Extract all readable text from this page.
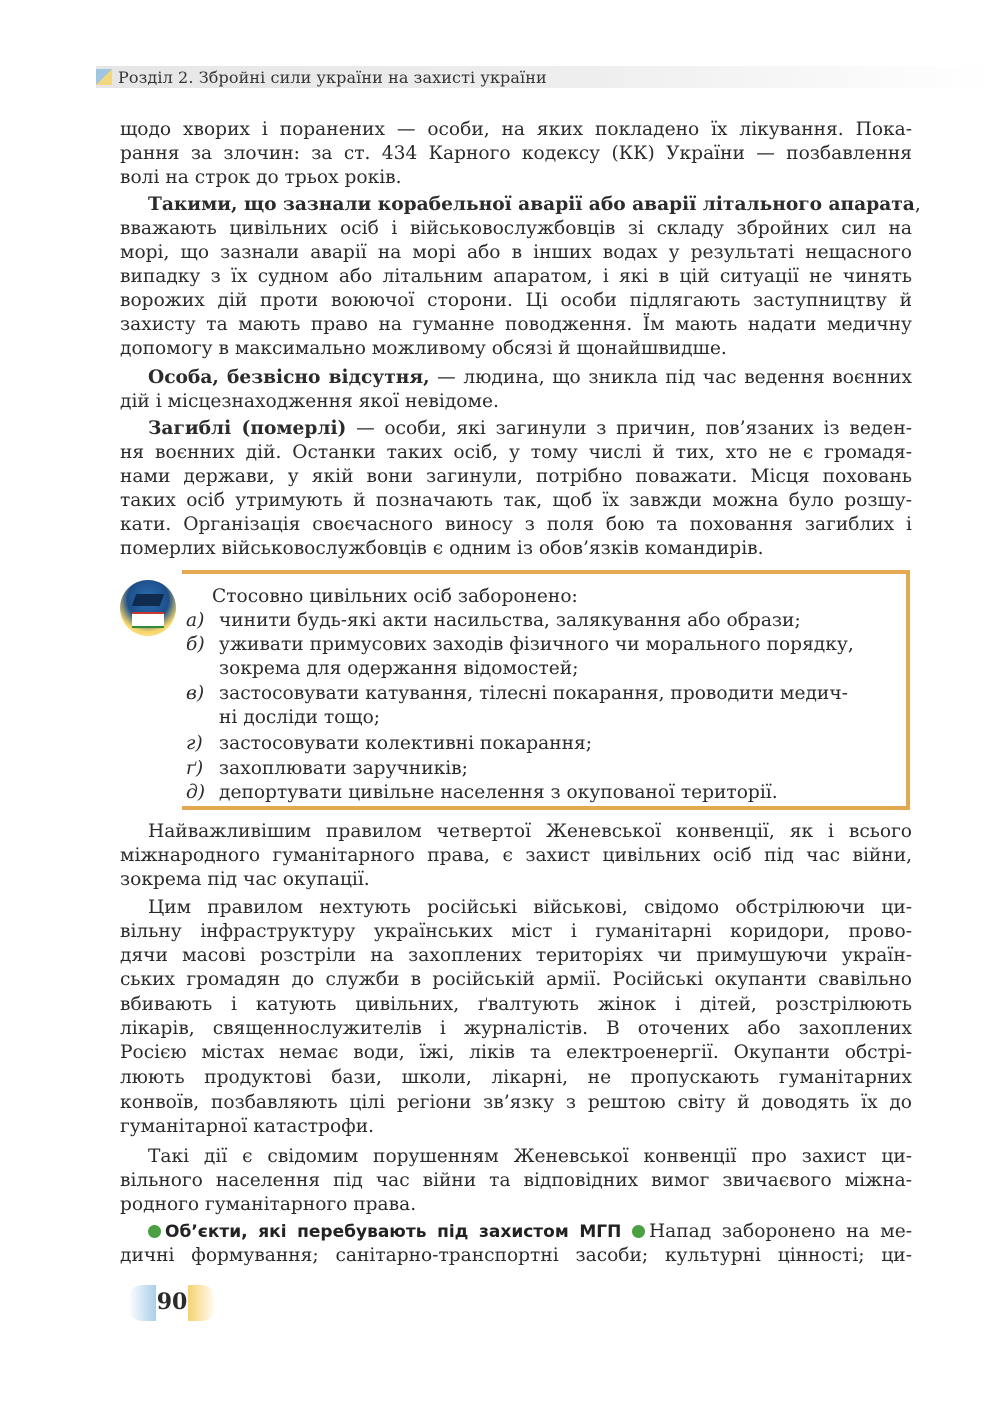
Розділ 2. Збройні сили україни на захисті україни
щодо хворих і поранених — особи, на яких покладено їх лікування. Пока-
рання за злочин: за ст. 434 Карного кодексу (КК) України — позбавлення
волі на строк до трьох років.
Такими, що зазнали корабельної аварії або аварії літального апарата,
вважають цивільних осіб і військовослужбовців зі складу збройних сил на
морі, що зазнали аварії на морі або в інших водах у результаті нещасного
випадку з їх судном або літальним апаратом, і які в цій ситуації не чинять
ворожих дій проти воюючої сторони. Ці особи підлягають заступництву й
захисту та мають право на гуманне поводження. Їм мають надати медичну
допомогу в максимально можливому обсязі й щонайшвидше.
Особа, безвісно відсутня, — людина, що зникла під час ведення воєнних
дій і місцезнаходження якої невідоме.
Загиблі (померлі) — особи, які загинули з причин, пов’язаних із веден-
ня воєнних дій. Останки таких осіб, у тому числі й тих, хто не є громадя-
нами держави, у якій вони загинули, потрібно поважати. Місця поховань
таких осіб утримують й позначають так, щоб їх завжди можна було розшу-
кати. Організація своєчасного виносу з поля бою та поховання загиблих і
померлих військовослужбовців є одним із обов’язків командирів.
Стосовно цивільних осіб заборонено:
а) чинити будь-які акти насильства, залякування або образи;
б) уживати примусових заходів фізичного чи морального порядку,
зокрема для одержання відомостей;
в) застосовувати катування, тілесні покарання, проводити медич-
ні досліди тощо;
г) застосовувати колективні покарання;
ґ) захоплювати заручників;
д) депортувати цивільне населення з окупованої території.
Найважливішим правилом четвертої Женевської конвенції, як і всього
міжнародного гуманітарного права, є захист цивільних осіб під час війни,
зокрема під час окупації.
Цим правилом нехтують російські військові, свідомо обстрілюючи ци-
вільну інфраструктуру українських міст і гуманітарні коридори, прово-
дячи масові розстріли на захоплених територіях чи примушуючи україн-
ських громадян до служби в російській армії. Російські окупанти свавільно
вбивають і катують цивільних, ґвалтують жінок і дітей, розстрілюють
лікарів, священнослужителів і журналістів. В оточених або захоплених
Росією містах немає води, їжі, ліків та електроенергії. Окупанти обстрі-
люють продуктові бази, школи, лікарні, не пропускають гуманітарних
конвоїв, позбавляють цілі регіони зв’язку з рештою світу й доводять їх до
гуманітарної катастрофи.
Такі дії є свідомим порушенням Женевської конвенції про захист ци-
вільного населення під час війни та відповідних вимог звичаєвого міжна-
родного гуманітарного права.
Об’єкти, які перебувають під захистом МГП Напад заборонено на ме-
дичні формування; санітарно-транспортні засоби; культурні цінності; ци-
90
